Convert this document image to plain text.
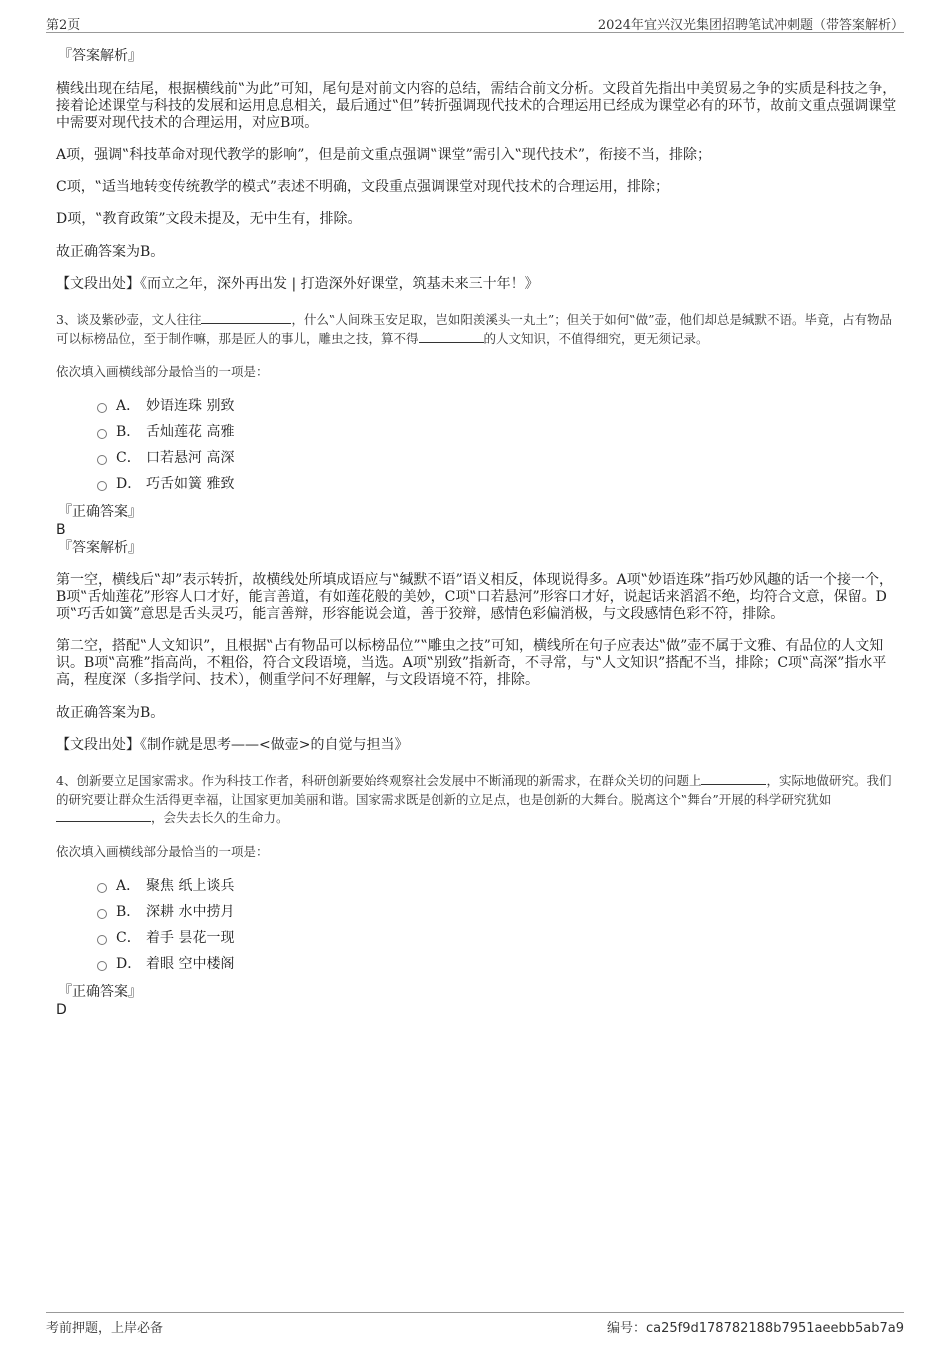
第2页	2024年宜兴汉光集团招聘笔试冲刺题（带答案解析）
『答案解析』

横线出现在结尾，根据横线前‟为此”可知，尾句是对前文内容的总结，需结合前文分析。文段首先指出中美贸易之争的实质是科技之争，接着论述课堂与科技的发展和运用息息相关，最后通过‟但”转折强调现代技术的合理运用已经成为课堂必有的环节，故前文重点强调课堂中需要对现代技术的合理运用，对应B项。

A项，强调‟科技革命对现代教学的影响”，但是前文重点强调‟课堂”需引入‟现代技术”，衔接不当，排除；

C项，‟适当地转变传统教学的模式”表述不明确，文段重点强调课堂对现代技术的合理运用，排除；

D项，‟教育政策”文段未提及，无中生有，排除。

故正确答案为B。

【文段出处】《而立之年，深外再出发 | 打造深外好课堂，筑基未来三十年！》
3、谈及紫砂壶，文人往往	，什么‟人间珠玉安足取，岂如阳羡溪头一丸土”；但关于如何‟做”壶，他们却总是缄默不语。毕竟，占有物品可以标榜品位，至于制作嘛，那是匠人的事儿，雕虫之技，算不得	的人文知识，不值得细究，更无须记录。
依次填入画横线部分最恰当的一项是：
A． 妙语连珠 别致
B． 舌灿莲花 高雅
C． 口若悬河 高深
D． 巧舌如簧 雅致
『正确答案』
B
『答案解析』

第一空，横线后‟却”表示转折，故横线处所填成语应与‟缄默不语”语义相反，体现说得多。A项‟妙语连珠”指巧妙风趣的话一个接一个，B项‟舌灿莲花”形容人口才好，能言善道，有如莲花般的美妙，C项‟口若悬河”形容口才好，说起话来滔滔不绝，均符合文意，保留。D项‟巧舌如簧”意思是舌头灵巧，能言善辩，形容能说会道，善于狡辩，感情色彩偏消极，与文段感情色彩不符，排除。

第二空，搭配‟人文知识”，且根据‟占有物品可以标榜品位”‟雕虫之技”可知，横线所在句子应表达‟做”壶不属于文雅、有品位的人文知识。B项‟高雅”指高尚，不粗俗，符合文段语境，当选。A项‟别致”指新奇，不寻常，与‟人文知识”搭配不当，排除；C项‟高深”指水平高，程度深（多指学问、技术），侧重学问不好理解，与文段语境不符，排除。

故正确答案为B。

【文段出处】《制作就是思考——<做壶>的自觉与担当》
4、创新要立足国家需求。作为科技工作者，科研创新要始终观察社会发展中不断涌现的新需求，在群众关切的问题上	，实际地做研究。我们的研究要让群众生活得更幸福，让国家更加美丽和谐。国家需求既是创新的立足点，也是创新的大舞台。脱离这个‟舞台”开展的科学研究犹如，会失去长久的生命力。
依次填入画横线部分最恰当的一项是：
A． 聚焦 纸上谈兵
B． 深耕 水中捞月
C． 着手 昙花一现
D． 着眼 空中楼阁
『正确答案』
D
考前押题，上岸必备	编号：ca25f9d178782188b7951aeebb5ab7a9
